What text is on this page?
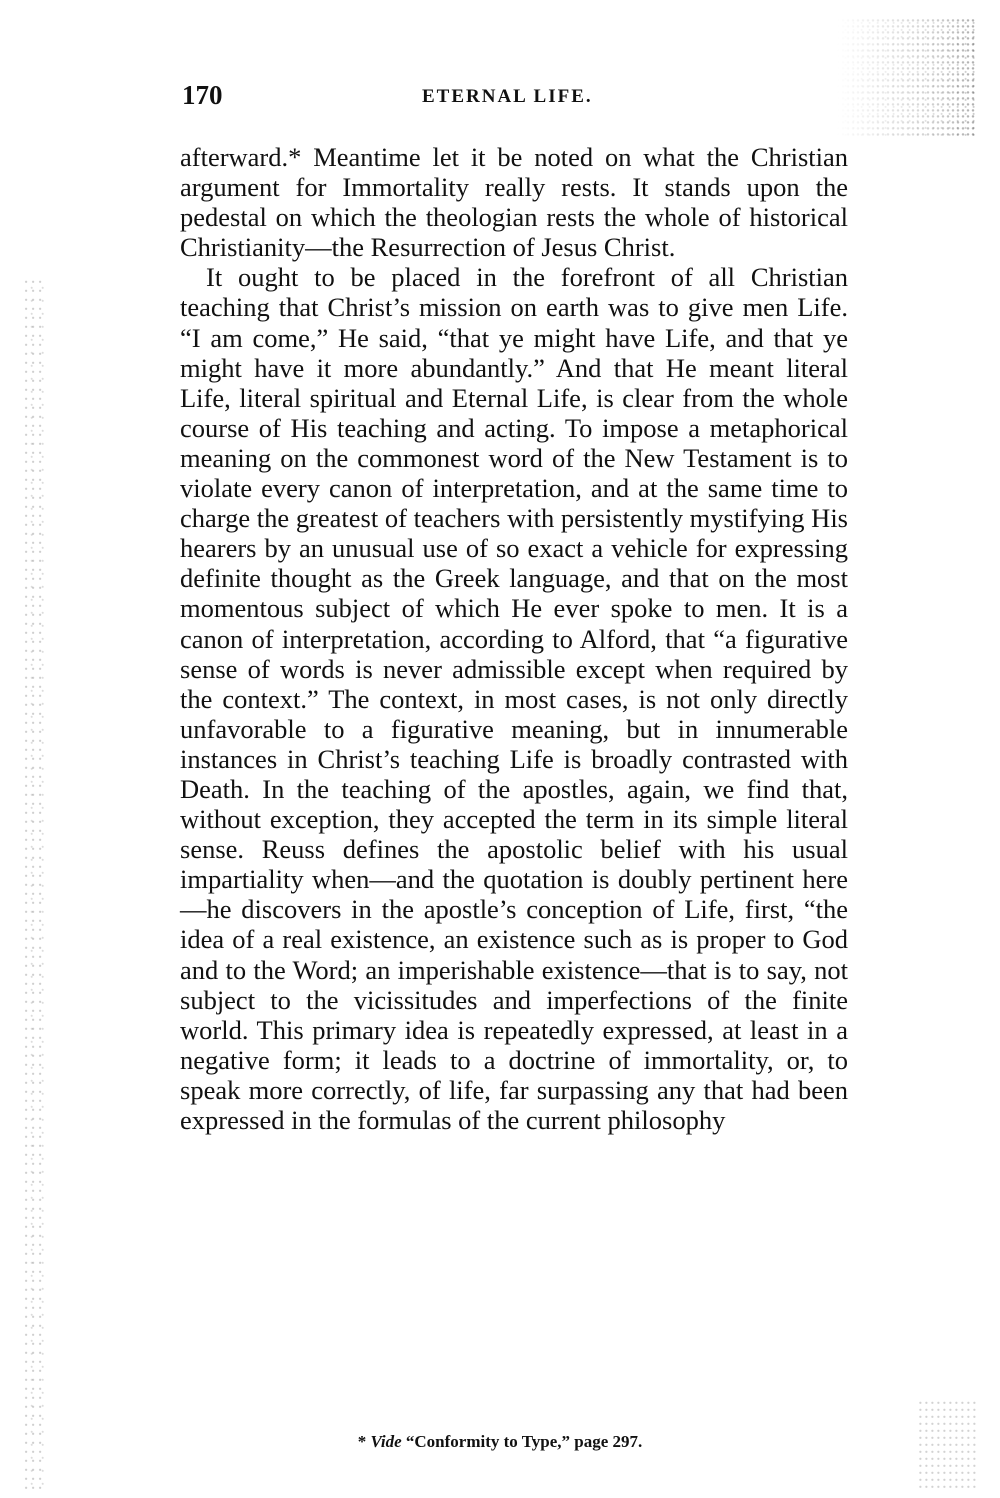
170	ETERNAL LIFE.

afterward.* Meantime let it be noted on what the Christian argument for Immortality really rests. It stands upon the pedestal on which the theologian rests the whole of historical Christianity—the Resurrection of Jesus Christ.

It ought to be placed in the forefront of all Christian teaching that Christ’s mission on earth was to give men Life. “I am come,” He said, “that ye might have Life, and that ye might have it more abundantly.” And that He meant literal Life, literal spiritual and Eternal Life, is clear from the whole course of His teaching and acting. To impose a metaphorical meaning on the commonest word of the New Testament is to violate every canon of interpretation, and at the same time to charge the greatest of teachers with persistently mystifying His hearers by an unusual use of so exact a vehicle for expressing definite thought as the Greek language, and that on the most momentous subject of which He ever spoke to men. It is a canon of interpretation, according to Alford, that “a figurative sense of words is never admissible except when required by the context.” The context, in most cases, is not only directly unfavorable to a figurative meaning, but in innumerable instances in Christ’s teaching Life is broadly contrasted with Death. In the teaching of the apostles, again, we find that, without exception, they accepted the term in its simple literal sense. Reuss defines the apostolic belief with his usual impartiality when—and the quotation is doubly pertinent here—he discovers in the apostle’s conception of Life, first, “the idea of a real existence, an existence such as is proper to God and to the Word; an imperishable existence—that is to say, not subject to the vicissitudes and imperfections of the finite world. This primary idea is repeatedly expressed, at least in a negative form; it leads to a doctrine of immortality, or, to speak more correctly, of life, far surpassing any that had been expressed in the formulas of the current philosophy

* Vide “Conformity to Type,” page 297.
